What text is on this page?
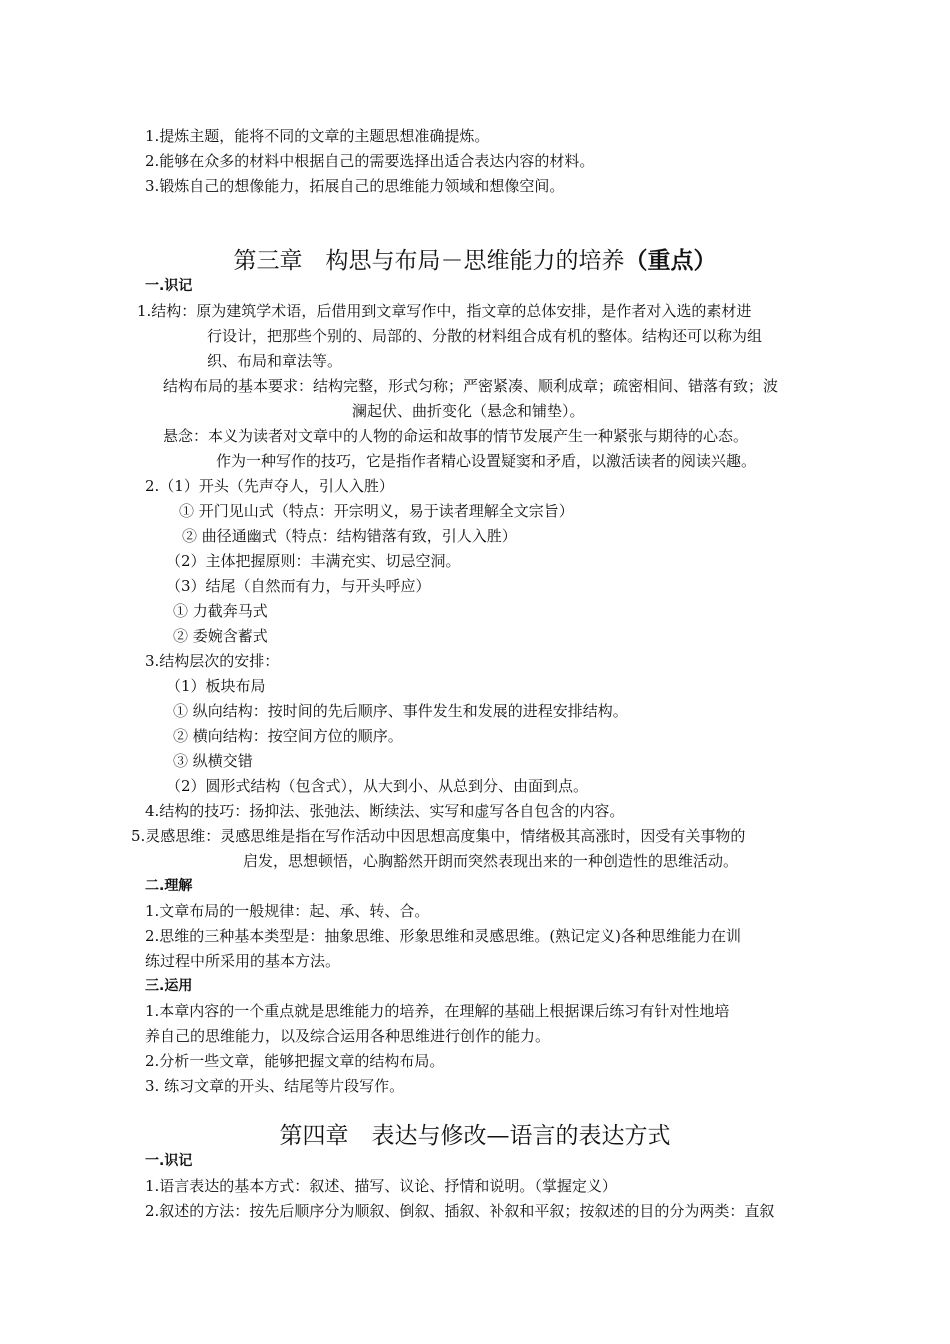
1.提炼主题，能将不同的文章的主题思想准确提炼。
2.能够在众多的材料中根据自己的需要选择出适合表达内容的材料。
3.锻炼自己的想像能力，拓展自己的思维能力领域和想像空间。
第三章　构思与布局－思维能力的培养（重点）
一.识记
1.结构：原为建筑学术语，后借用到文章写作中，指文章的总体安排，是作者对入选的素材进
行设计，把那些个别的、局部的、分散的材料组合成有机的整体。结构还可以称为组
织、布局和章法等。
结构布局的基本要求：结构完整，形式匀称；严密紧凑、顺利成章；疏密相间、错落有致；波
澜起伏、曲折变化（悬念和铺垫）。
悬念：本义为读者对文章中的人物的命运和故事的情节发展产生一种紧张与期待的心态。
作为一种写作的技巧，它是指作者精心设置疑窦和矛盾，以激活读者的阅读兴趣。
2.（1）开头（先声夺人，引人入胜）
① 开门见山式（特点：开宗明义，易于读者理解全文宗旨）
② 曲径通幽式（特点：结构错落有致，引人入胜）
（2）主体把握原则：丰满充实、切忌空洞。
（3）结尾（自然而有力，与开头呼应）
① 力截奔马式
② 委婉含蓄式
3.结构层次的安排：
（1）板块布局
① 纵向结构：按时间的先后顺序、事件发生和发展的进程安排结构。
② 横向结构：按空间方位的顺序。
③ 纵横交错
（2）圆形式结构（包含式），从大到小、从总到分、由面到点。
4.结构的技巧：扬抑法、张弛法、断续法、实写和虚写各自包含的内容。
5.灵感思维：灵感思维是指在写作活动中因思想高度集中，情绪极其高涨时，因受有关事物的
启发，思想顿悟，心胸豁然开朗而突然表现出来的一种创造性的思维活动。
二.理解
1.文章布局的一般规律：起、承、转、合。
2.思维的三种基本类型是：抽象思维、形象思维和灵感思维。(熟记定义)各种思维能力在训
练过程中所采用的基本方法。
三.运用
1.本章内容的一个重点就是思维能力的培养，在理解的基础上根据课后练习有针对性地培
养自己的思维能力，以及综合运用各种思维进行创作的能力。
2.分析一些文章，能够把握文章的结构布局。
3. 练习文章的开头、结尾等片段写作。
第四章　表达与修改—语言的表达方式
一.识记
1.语言表达的基本方式：叙述、描写、议论、抒情和说明。（掌握定义）
2.叙述的方法：按先后顺序分为顺叙、倒叙、插叙、补叙和平叙；按叙述的目的分为两类：直叙
